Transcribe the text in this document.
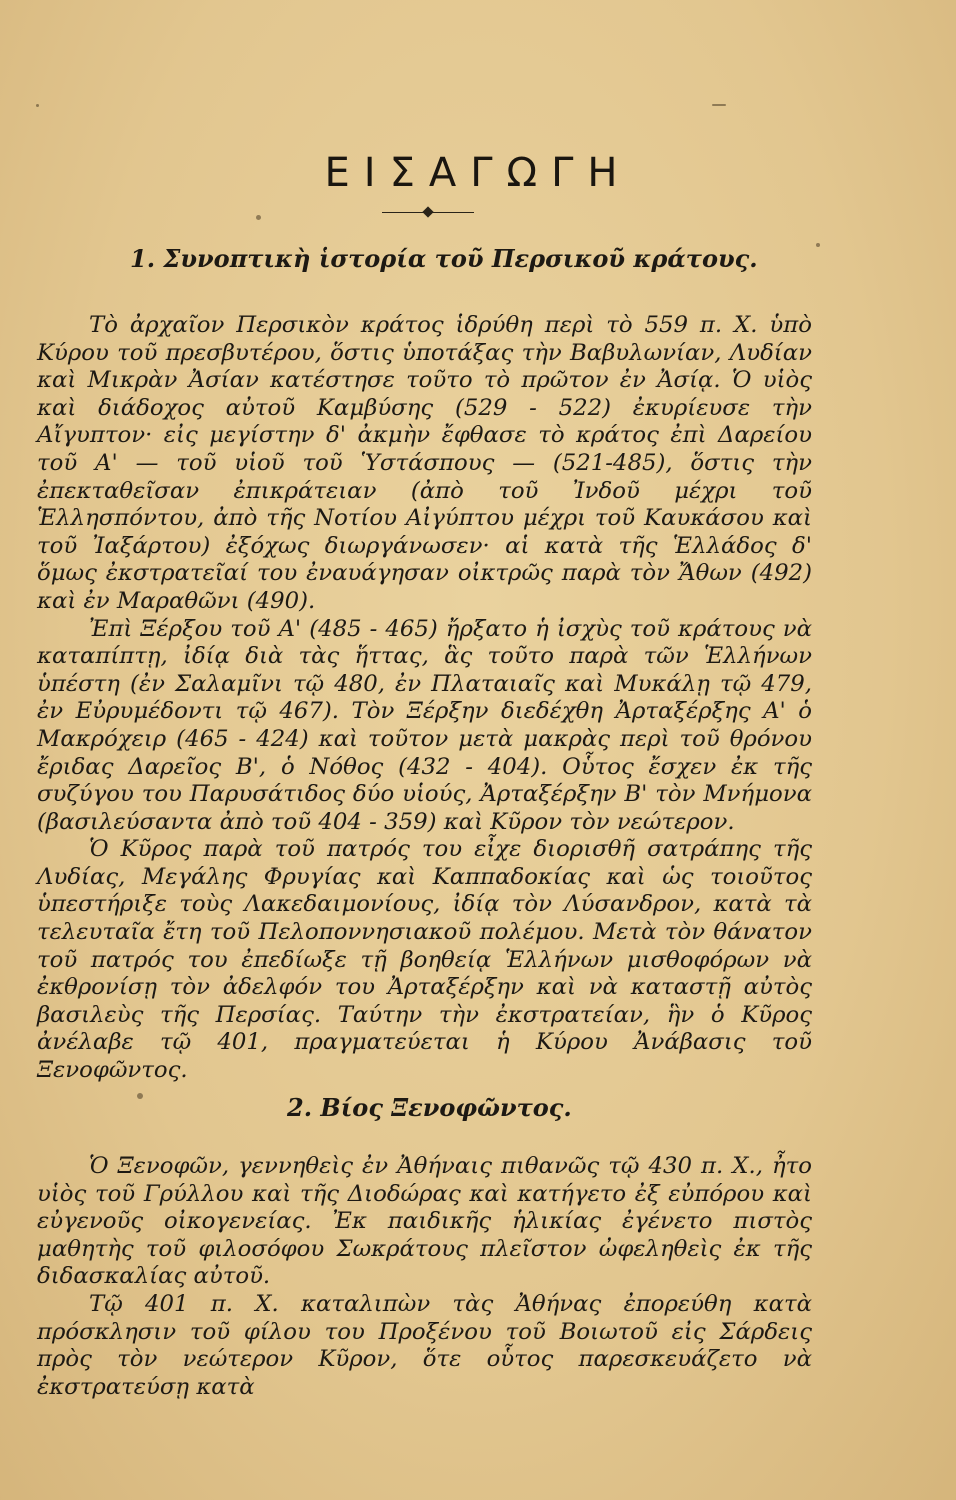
ΕΙΣΑΓΩΓΗ
1. Συνοπτικὴ ἱστορία τοῦ Περσικοῦ κράτους.

Τὸ ἀρχαῖον Περσικὸν κράτος ἱδρύθη περὶ τὸ 559 π. Χ. ὑπὸ Κύρου τοῦ πρεσβυτέρου, ὅστις ὑποτάξας τὴν Βαβυλωνίαν, Λυδίαν καὶ Μικρὰν Ἀσίαν κατέστησε τοῦτο τὸ πρῶτον ἐν Ἀσίᾳ. Ὁ υἱὸς καὶ διάδοχος αὐτοῦ Καμβύσης (529 - 522) ἐκυρίευσε τὴν Αἴγυπτον· εἰς μεγίστην δ' ἀκμὴν ἔφθασε τὸ κράτος ἐπὶ Δαρείου τοῦ Α' — τοῦ υἱοῦ τοῦ Ὑστάσπους — (521-485), ὅστις τὴν ἐπεκταθεῖσαν ἐπικράτειαν (ἀπὸ τοῦ Ἰνδοῦ μέχρι τοῦ Ἑλλησπόντου, ἀπὸ τῆς Νοτίου Αἰγύπτου μέχρι τοῦ Καυκάσου καὶ τοῦ Ἰαξάρτου) ἐξόχως διωργάνωσεν· αἱ κατὰ τῆς Ἑλλάδος δ' ὅμως ἐκστρατεῖαί του ἐναυάγησαν οἰκτρῶς παρὰ τὸν Ἄθων (492) καὶ ἐν Μαραθῶνι (490).

Ἐπὶ Ξέρξου τοῦ Α' (485 - 465) ἤρξατο ἡ ἰσχὺς τοῦ κράτους νὰ καταπίπτῃ, ἰδίᾳ διὰ τὰς ἥττας, ἃς τοῦτο παρὰ τῶν Ἑλλήνων ὑπέστη (ἐν Σαλαμῖνι τῷ 480, ἐν Πλαταιαῖς καὶ Μυκάλῃ τῷ 479, ἐν Εὐρυμέδοντι τῷ 467). Τὸν Ξέρξην διεδέχθη Ἀρταξέρξης Α' ὁ Μακρόχειρ (465 - 424) καὶ τοῦτον μετὰ μακρὰς περὶ τοῦ θρόνου ἔριδας Δαρεῖος Β', ὁ Νόθος (432 - 404). Οὗτος ἔσχεν ἐκ τῆς συζύγου του Παρυσάτιδος δύο υἱούς, Ἀρταξέρξην Β' τὸν Μνήμονα (βασιλεύσαντα ἀπὸ τοῦ 404 - 359) καὶ Κῦρον τὸν νεώτερον.

Ὁ Κῦρος παρὰ τοῦ πατρός του εἶχε διορισθῆ σατράπης τῆς Λυδίας, Μεγάλης Φρυγίας καὶ Καππαδοκίας καὶ ὡς τοιοῦτος ὑπεστήριξε τοὺς Λακεδαιμονίους, ἰδίᾳ τὸν Λύσανδρον, κατὰ τὰ τελευταῖα ἔτη τοῦ Πελοποννησιακοῦ πολέμου. Μετὰ τὸν θάνατον τοῦ πατρός του ἐπεδίωξε τῇ βοηθείᾳ Ἑλλήνων μισθοφόρων νὰ ἐκθρονίσῃ τὸν ἀδελφόν του Ἀρταξέρξην καὶ νὰ καταστῇ αὐτὸς βασιλεὺς τῆς Περσίας. Ταύτην τὴν ἐκστρατείαν, ἣν ὁ Κῦρος ἀνέλαβε τῷ 401, πραγματεύεται ἡ Κύρου Ἀνάβασις τοῦ Ξενοφῶντος.

2. Βίος Ξενοφῶντος.

Ὁ Ξενοφῶν, γεννηθεὶς ἐν Ἀθήναις πιθανῶς τῷ 430 π. Χ., ἦτο υἱὸς τοῦ Γρύλλου καὶ τῆς Διοδώρας καὶ κατήγετο ἐξ εὐπόρου καὶ εὐγενοῦς οἰκογενείας. Ἐκ παιδικῆς ἡλικίας ἐγένετο πιστὸς μαθητὴς τοῦ φιλοσόφου Σωκράτους πλεῖστον ὠφεληθεὶς ἐκ τῆς διδασκαλίας αὐτοῦ.

Τῷ 401 π. Χ. καταλιπὼν τὰς Ἀθήνας ἐπορεύθη κατὰ πρόσκλησιν τοῦ φίλου του Προξένου τοῦ Βοιωτοῦ εἰς Σάρδεις πρὸς τὸν νεώτερον Κῦρον, ὅτε οὗτος παρεσκευάζετο νὰ ἐκστρατεύσῃ κατὰ
